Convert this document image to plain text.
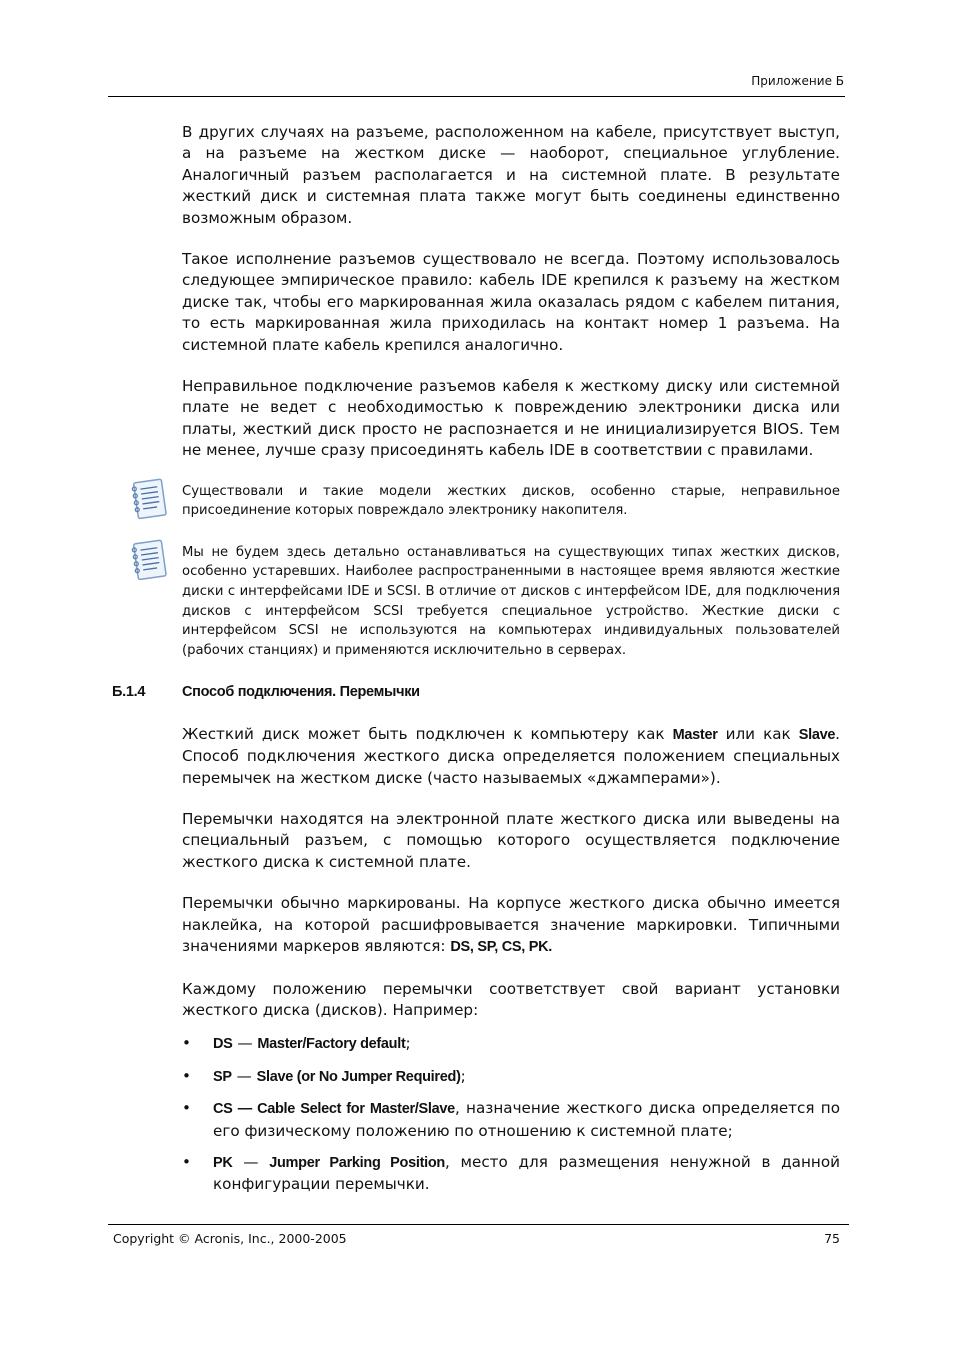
Приложение Б

В других случаях на разъеме, расположенном на кабеле, присутствует выступ, а на разъеме на жестком диске — наоборот, специальное углубление. Аналогичный разъем располагается и на системной плате. В результате жесткий диск и системная плата также могут быть соединены единственно возможным образом.

Такое исполнение разъемов существовало не всегда. Поэтому использовалось следующее эмпирическое правило: кабель IDE крепился к разъему на жестком диске так, чтобы его маркированная жила оказалась рядом с кабелем питания, то есть маркированная жила приходилась на контакт номер 1 разъема. На системной плате кабель крепился аналогично.

Неправильное подключение разъемов кабеля к жесткому диску или системной плате не ведет с необходимостью к повреждению электроники диска или платы, жесткий диск просто не распознается и не инициализируется BIOS. Тем не менее, лучше сразу присоединять кабель IDE в соответствии с правилами.

Существовали и такие модели жестких дисков, особенно старые, неправильное присоединение которых повреждало электронику накопителя.
Мы не будем здесь детально останавливаться на существующих типах жестких дисков, особенно устаревших. Наиболее распространенными в настоящее время являются жесткие диски с интерфейсами IDE и SCSI. В отличие от дисков с интерфейсом IDE, для подключения дисков с интерфейсом SCSI требуется специальное устройство. Жесткие диски с интерфейсом SCSI не используются на компьютерах индивидуальных пользователей (рабочих станциях) и применяются исключительно в серверах.
Б.1.4	Способ подключения. Перемычки

Жесткий диск может быть подключен к компьютеру как Master или как Slave. Способ подключения жесткого диска определяется положением специальных перемычек на жестком диске (часто называемых «джамперами»).

Перемычки находятся на электронной плате жесткого диска или выведены на специальный разъем, с помощью которого осуществляется подключение жесткого диска к системной плате.

Перемычки обычно маркированы. На корпусе жесткого диска обычно имеется наклейка, на которой расшифровывается значение маркировки. Типичными значениями маркеров являются: DS, SP, CS, PK.

Каждому положению перемычки соответствует свой вариант установки жесткого диска (дисков). Например:

• DS — Master/Factory default;
• SP — Slave (or No Jumper Required);
• CS — Cable Select for Master/Slave, назначение жесткого диска определяется по его физическому положению по отношению к системной плате;
• PK — Jumper Parking Position, место для размещения ненужной в данной конфигурации перемычки.
Copyright © Acronis, Inc., 2000-2005	75
